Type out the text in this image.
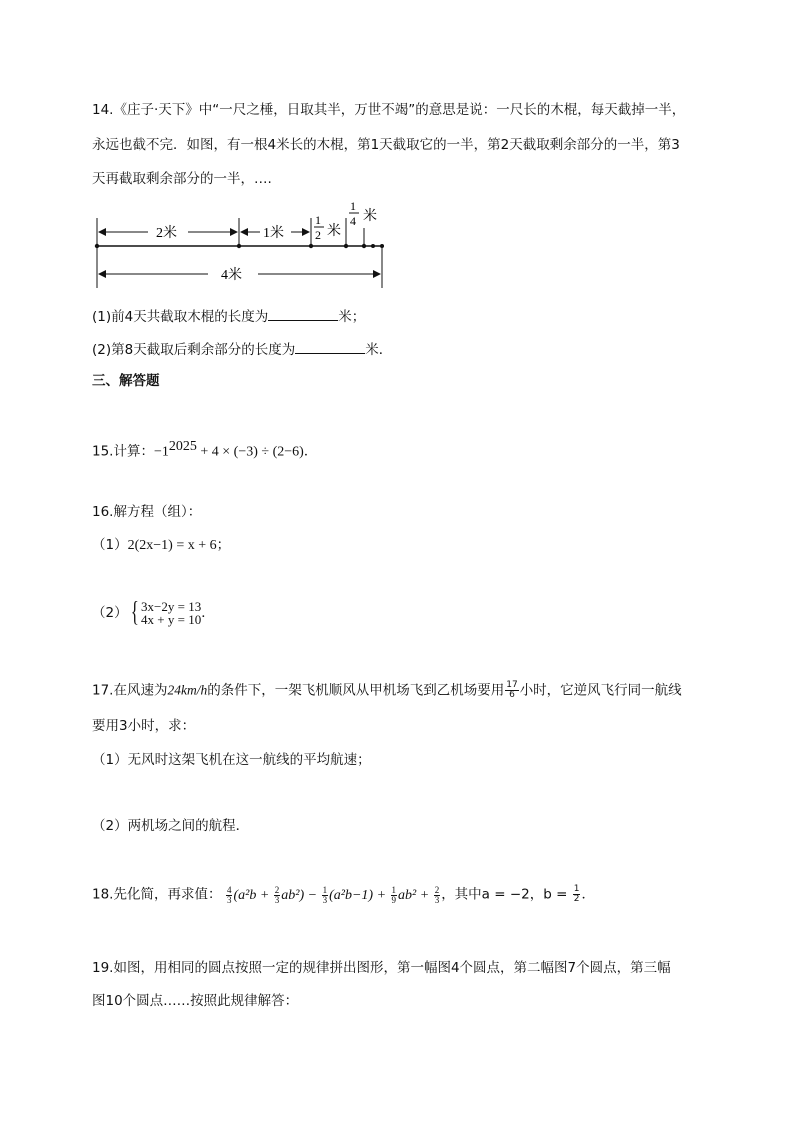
14.《庄子·天下》中“一尺之棰，日取其半，万世不竭”的意思是说：一尺长的木棍，每天截掉一半，
永远也截不完．如图，有一根4米长的木棍，第1天截取它的一半，第2天截取剩余部分的一半，第3
天再截取剩余部分的一半，….
2米	1米
1
2 米
1
4 米
4米
(1)前4天共截取木棍的长度为	米；
(2)第8天截取后剩余部分的长度为	米．
三、解答题
15.计算：$-1^{2025} + 4 \times (-3) \div (2-6)$．
16.解方程（组）：
（1）2(2x−1) = x + 6；
（2）{ 3x−2y = 13
4x + y = 10 ．
17.在风速为24km/h的条件下，一架飞机顺风从甲机场飞到乙机场要用 $\frac{17}{6}$ 小时，它逆风飞行同一航线
要用3小时，求：
（1）无风时这架飞机在这一航线的平均航速；
（2）两机场之间的航程．
18.先化简，再求值： $\frac{4}{3} (a^2b + \frac{2}{3} ab^2) - \frac{1}{3} (a^2b-1) + \frac{1}{9} ab^2 + \frac{2}{3}$ ，其中a = −2，$b = \frac{1}{2}$ ．
19.如图，用相同的圆点按照一定的规律拼出图形，第一幅图4个圆点，第二幅图7个圆点，第三幅
图10个圆点……按照此规律解答：
